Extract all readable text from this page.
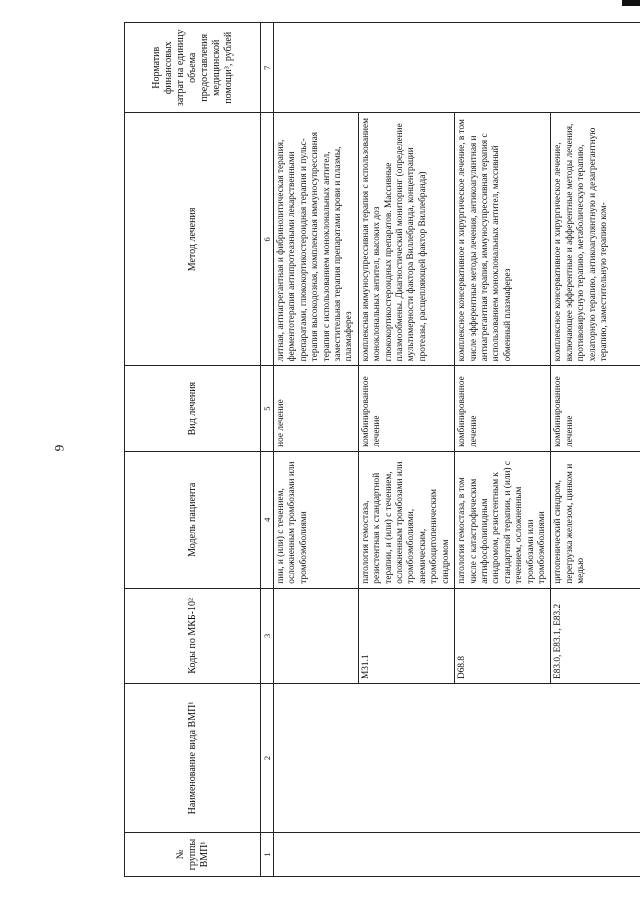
9
№ группы ВМП¹	Наименование вида ВМП¹	Коды по МКБ-10²	Модель пациента	Вид лечения	Метод лечения	Норматив финансовых затрат на единицу объема предоставления медицинской помощи³, рублей
1	2	3	4	5	6	7
			пии, и (или) с течением, осложненным тромбозами или тромбоэмболиями	ное лечение	литная, антиагрегантная и фибринолитическая терапия, ферментотерапия антипротеазными лекарственными препаратами, глюкокортикостероидная терапия и пульс-терапия высокодозная, комплексная иммуносупрессивная терапия с использованием моноклональных антител, заместительная терапия препаратами крови и плазмы, плазмаферез	
		M31.1	патология гемостаза, резистентная к стандартной терапии, и (или) с течением, осложненным тромбозами или тромбоэмболиями, анемическим, тромбоцитопеническим синдромом	комбинированное лечение	комплексная иммуносупрессивная терапия с использованием моноклональных антител, высоких доз глюкокортикостероидных препаратов. Массивные плазмообмены. Диагностический мониторинг (определение мультимерности фактора Виллебранда, концентрации протеазы, расщепляющей фактор Виллебранда)	
		D68.8	патология гемостаза, в том числе с катастрофическим антифосфолипидным синдромом, резистентным к стандартной терапии, и (или) с течением, осложненным тромбозами или тромбоэмболиями	комбинированное лечение	комплексное консервативное и хирургическое лечение, в том числе эфферентные методы лечения, антикоагулянтная и антиагрегантная терапия, иммуносупрессивная терапия с использованием моноклональных антител, массивный обменный плазмаферез	
		E83.0, E83.1, E83.2	цитопенический синдром, перегрузка железом, цинком и медью	комбинированное лечение	комплексное консервативное и хирургическое лечение, включающее эфферентные и афферентные методы лечения, противовирусную терапию, метаболическую терапию, хелаторную терапию, антикоагулянтную и дезагрегантную терапию, заместительную терапию ком-	
